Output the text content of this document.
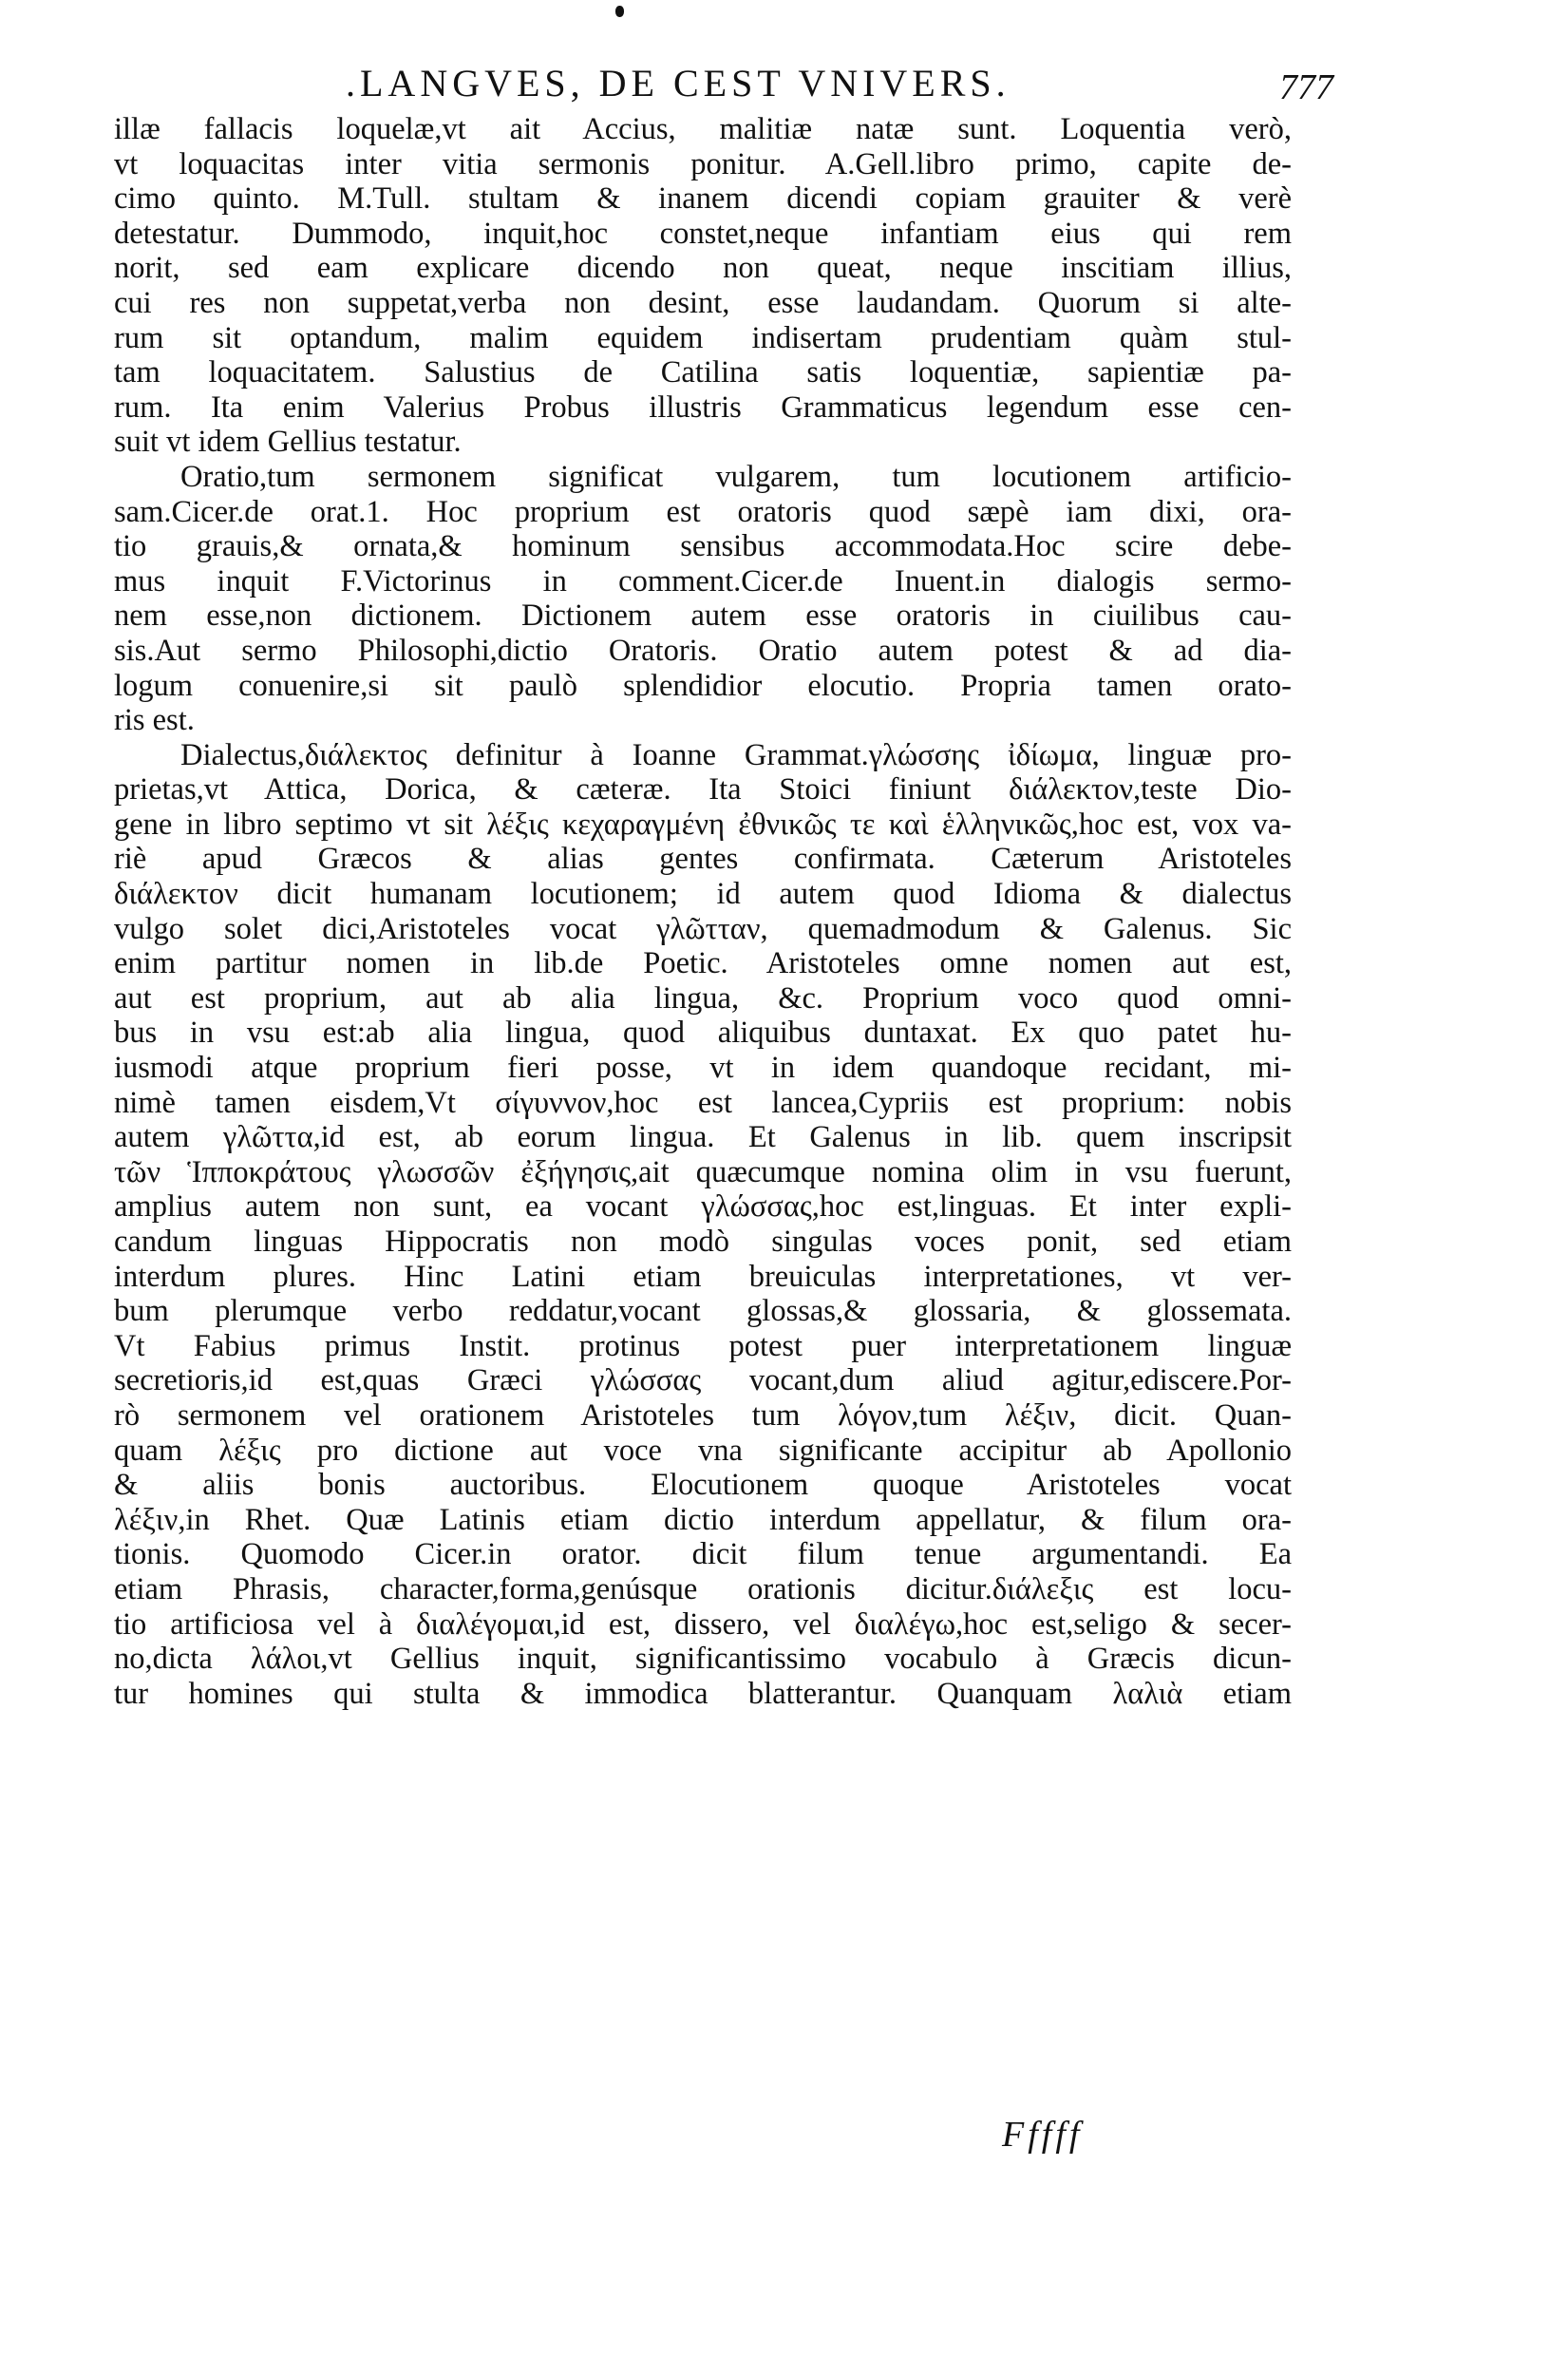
.LANGVES, DE CEST VNIVERS.	777
illæ fallacis loquelæ,vt ait Accius, malitiæ natæ sunt. Loquentia verò,
vt loquacitas inter vitia sermonis ponitur. A.Gell.libro primo, capite de-
cimo quinto. M.Tull. stultam & inanem dicendi copiam grauiter & verè
detestatur. Dummodo, inquit,hoc constet,neque infantiam eius qui rem
norit, sed eam explicare dicendo non queat, neque inscitiam illius,
cui res non suppetat,verba non desint, esse laudandam. Quorum si alte-
rum sit optandum, malim equidem indisertam prudentiam quàm stul-
tam loquacitatem. Salustius de Catilina satis loquentiæ, sapientiæ pa-
rum. Ita enim Valerius Probus illustris Grammaticus legendum esse cen-
suit vt idem Gellius testatur.
Oratio,tum sermonem significat vulgarem, tum locutionem artificio-
sam.Cicer.de orat.1. Hoc proprium est oratoris quod sæpè iam dixi, ora-
tio grauis,& ornata,& hominum sensibus accommodata.Hoc scire debe-
mus inquit F.Victorinus in comment.Cicer.de Inuent.in dialogis sermo-
nem esse,non dictionem. Dictionem autem esse oratoris in ciuilibus cau-
sis.Aut sermo Philosophi,dictio Oratoris. Oratio autem potest & ad dia-
logum conuenire,si sit paulò splendidior elocutio. Propria tamen orato-
ris est.
Dialectus,διάλεκτος definitur à Ioanne Grammat.γλώσσης ἰδίωμα, linguæ pro-
prietas,vt Attica, Dorica, & cæteræ. Ita Stoici finiunt διάλεκτον,teste Dio-
gene in libro septimo vt sit λέξις κεχαραγμένη ἐθνικῶς τε καὶ ἑλληνικῶς,hoc est, vox va-
riè apud Græcos & alias gentes confirmata. Cæterum Aristoteles
διάλεκτον dicit humanam locutionem; id autem quod Idioma & dialectus
vulgo solet dici,Aristoteles vocat γλῶτταν, quemadmodum & Galenus. Sic
enim partitur nomen in lib.de Poetic. Aristoteles omne nomen aut est,
aut est proprium, aut ab alia lingua, &c. Proprium voco quod omni-
bus in vsu est:ab alia lingua, quod aliquibus duntaxat. Ex quo patet hu-
iusmodi atque proprium fieri posse, vt in idem quandoque recidant, mi-
nimè tamen eisdem,Vt σίγυννον,hoc est lancea,Cypriis est proprium: nobis
autem γλῶττα,id est, ab eorum lingua. Et Galenus in lib. quem inscripsit
τῶν Ἱπποκράτους γλωσσῶν ἐξήγησις,ait quæcumque nomina olim in vsu fuerunt,
amplius autem non sunt, ea vocant γλώσσας,hoc est,linguas. Et inter expli-
candum linguas Hippocratis non modò singulas voces ponit, sed etiam
interdum plures. Hinc Latini etiam breuiculas interpretationes, vt ver-
bum plerumque verbo reddatur,vocant glossas,& glossaria, & glossemata.
Vt Fabius primus Instit. protinus potest puer interpretationem linguæ
secretioris,id est,quas Græci γλώσσας vocant,dum aliud agitur,ediscere.Por-
rò sermonem vel orationem Aristoteles tum λόγον,tum λέξιν, dicit. Quan-
quam λέξις pro dictione aut voce vna significante accipitur ab Apollonio
& aliis bonis auctoribus. Elocutionem quoque Aristoteles vocat
λέξιν,in Rhet. Quæ Latinis etiam dictio interdum appellatur, & filum ora-
tionis. Quomodo Cicer.in orator. dicit filum tenue argumentandi. Ea
etiam Phrasis, character,forma,genúsque orationis dicitur.διάλεξις est locu-
tio artificiosa vel à διαλέγομαι,id est, dissero, vel διαλέγω,hoc est,seligo & secer-
no,dicta λάλοι,vt Gellius inquit, significantissimo vocabulo à Græcis dicun-
tur homines qui stulta & immodica blatterantur. Quanquam λαλιὰ etiam
Fffff
